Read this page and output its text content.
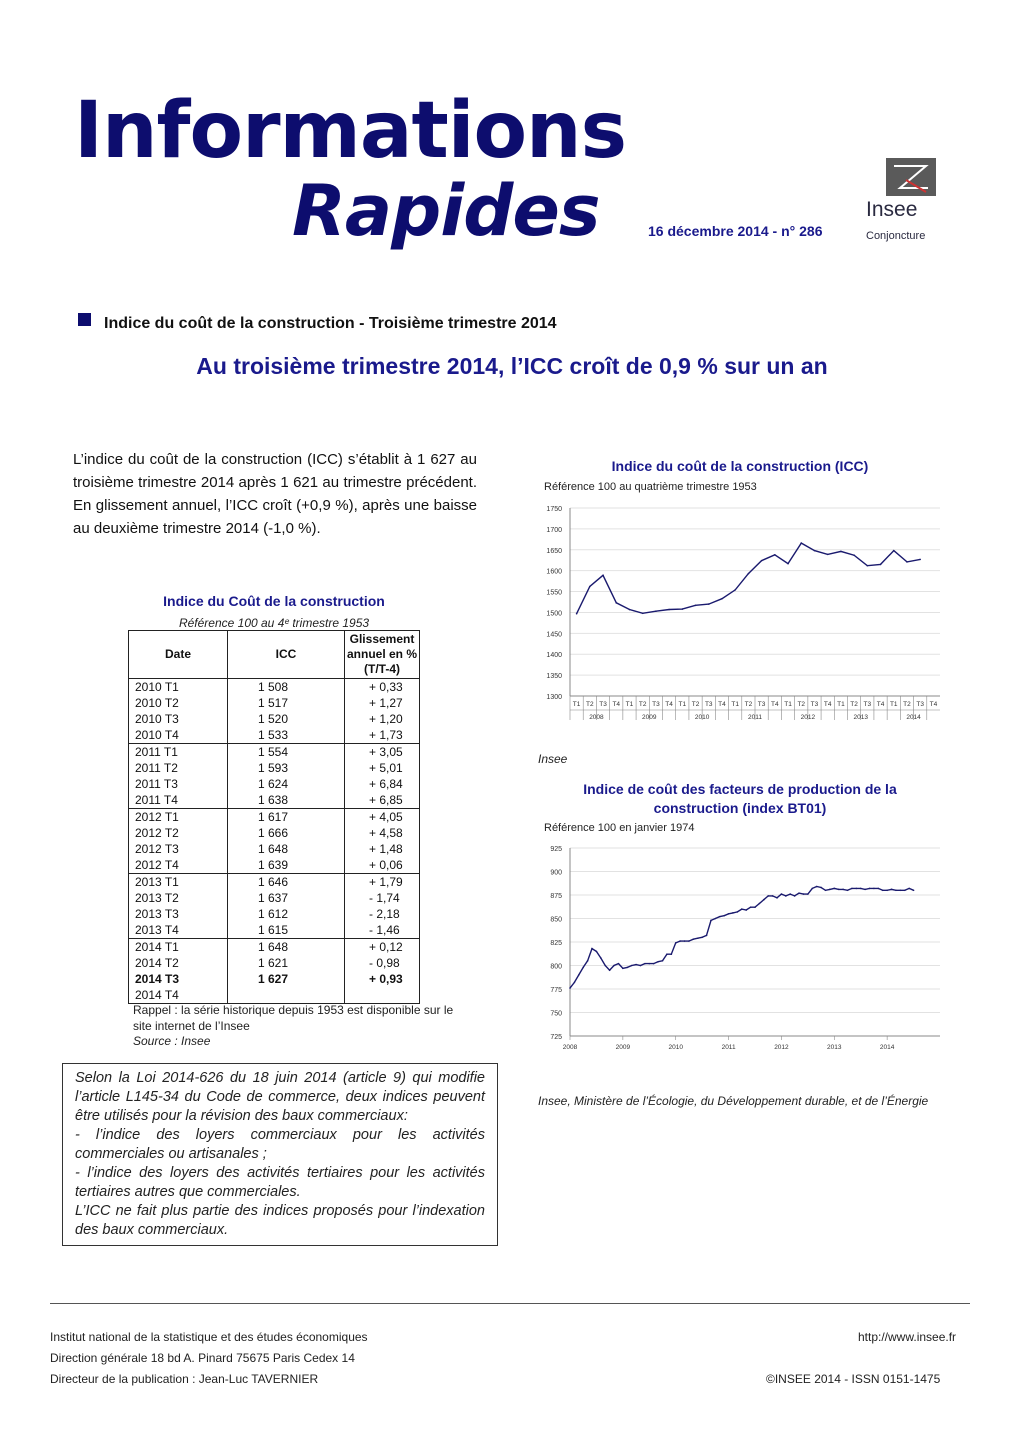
Informations
Rapides	16 décembre 2014 - n° 286
Insee
Conjoncture
Indice du coût de la construction - Troisième trimestre 2014
Au troisième trimestre 2014, l’ICC croît de 0,9 % sur un an
L’indice du coût de la construction (ICC) s’établit à 1 627 au troisième trimestre 2014 après 1 621 au trimestre précédent. En glissement annuel, l’ICC croît (+0,9 %), après une baisse au deuxième trimestre 2014 (-1,0 %).
Indice du Coût de la construction
Référence 100 au 4ᵉ trimestre 1953
Date	ICC	Glissement annuel en % (T/T-4)
2010 T1	1 508	+ 0,33
2010 T2	1 517	+ 1,27
2010 T3	1 520	+ 1,20
2010 T4	1 533	+ 1,73
2011 T1	1 554	+ 3,05
2011 T2	1 593	+ 5,01
2011 T3	1 624	+ 6,84
2011 T4	1 638	+ 6,85
2012 T1	1 617	+ 4,05
2012 T2	1 666	+ 4,58
2012 T3	1 648	+ 1,48
2012 T4	1 639	+ 0,06
2013 T1	1 646	+ 1,79
2013 T2	1 637	- 1,74
2013 T3	1 612	- 2,18
2013 T4	1 615	- 1,46
2014 T1	1 648	+ 0,12
2014 T2	1 621	- 0,98
2014 T3	1 627	+ 0,93
2014 T4		
Rappel : la série historique depuis 1953 est disponible sur le site internet de l’Insee
Source : Insee
Selon la Loi 2014-626 du 18 juin 2014 (article 9) qui modifie l’article L145-34 du Code de commerce, deux indices peuvent être utilisés pour la révision des baux commerciaux:
- l’indice des loyers commerciaux pour les activités commerciales ou artisanales ;
- l’indice des loyers des activités tertiaires pour les activités tertiaires autres que commerciales.
L’ICC ne fait plus partie des indices proposés pour l’indexation des baux commerciaux.
Indice du coût de la construction (ICC)
Référence 100 au quatrième trimestre 1953
1300
1350
1400
1450
1500
1550
1600
1650
1700
1750
T1 T2 T3 T4 T1 T2 T3 T4 T1 T2 T3 T4 T1 T2 T3 T4 T1 T2 T3 T4 T1 T2 T3 T4 T1 T2 T3 T4
2008	2009	2010	2011	2012	2013	2014
Insee
Indice de coût des facteurs de production de la construction (index BT01)
Référence 100 en janvier 1974
725
750
775
800
825
850
875
900
925
2008	2009	2010	2011	2012	2013	2014
Insee, Ministère de l’Écologie, du Développement durable, et de l’Énergie
Institut national de la statistique et des études économiques
Direction générale 18 bd A. Pinard 75675 Paris Cedex 14
Directeur de la publication : Jean-Luc TAVERNIER
http://www.insee.fr
©INSEE 2014 - ISSN 0151-1475
